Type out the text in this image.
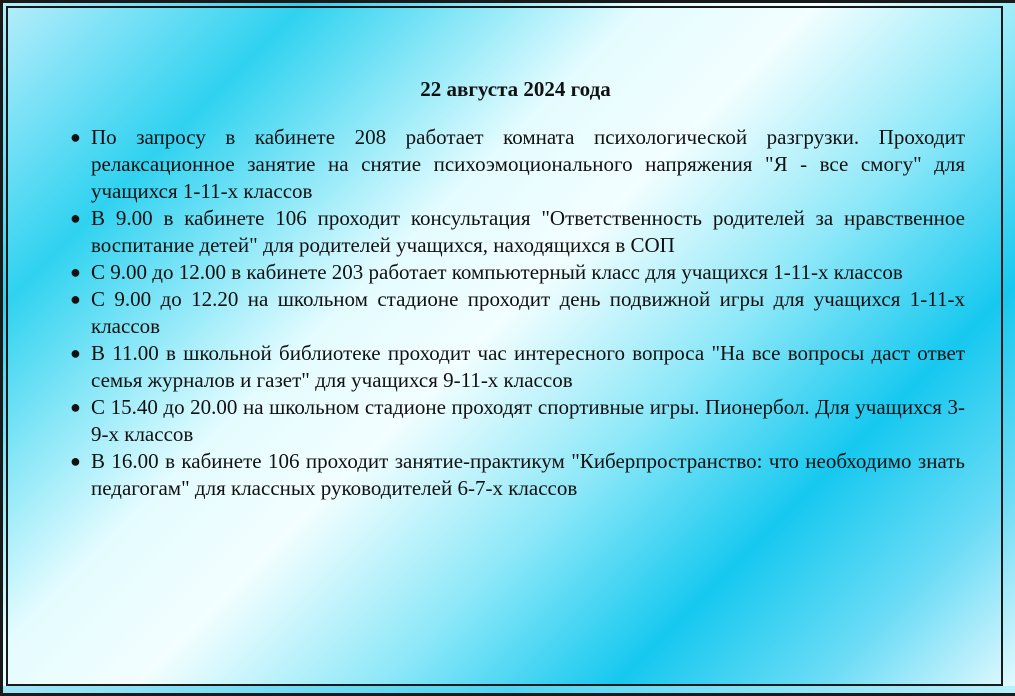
22 августа 2024 года
● По запросу в кабинете 208 работает комната психологической разгрузки. Проходит релаксационное занятие на снятие психоэмоционального напряжения "Я - все смогу" для учащихся 1-11-х классов
● В 9.00 в кабинете 106 проходит консультация "Ответственность родителей за нравственное воспитание детей" для родителей учащихся, находящихся в СОП
● С 9.00 до 12.00 в кабинете 203 работает компьютерный класс для учащихся 1-11-х классов
● С 9.00 до 12.20 на школьном стадионе проходит день подвижной игры для учащихся 1-11-х классов
● В 11.00 в школьной библиотеке проходит час интересного вопроса "На все вопросы даст ответ семья журналов и газет" для учащихся 9-11-х классов
● С 15.40 до 20.00 на школьном стадионе проходят спортивные игры. Пионербол. Для учащихся 3-9-х классов
● В 16.00 в кабинете 106 проходит занятие-практикум "Киберпространство: что необходимо знать педагогам" для классных руководителей 6-7-х классов
